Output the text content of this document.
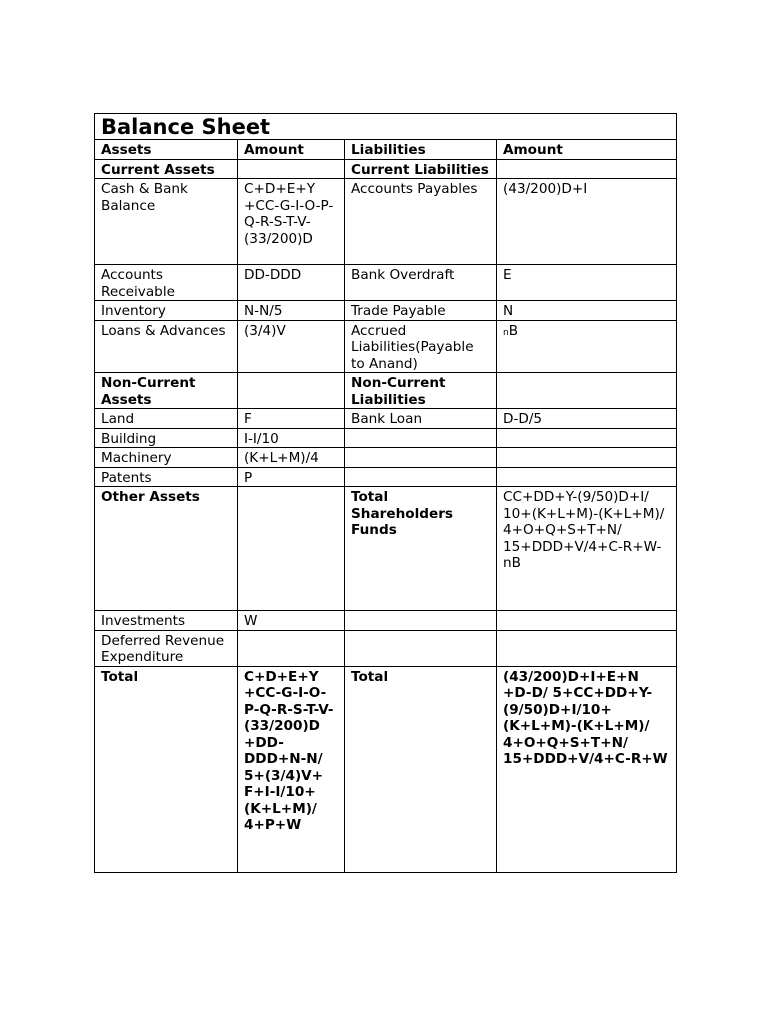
Balance Sheet			
Assets	Amount	Liabilities	Amount
Current Assets		Current Liabilities	
Cash & Bank Balance	C+D+E+Y +CC-G-I-O-P-Q-R-S-T-V-(33/200)D	Accounts Payables	(43/200)D+I
Accounts Receivable	DD-DDD	Bank Overdraft	E
Inventory	N-N/5	Trade Payable	N
Loans & Advances	(3/4)V	Accrued Liabilities(Payable to Anand)	nB
Non-Current Assets		Non-Current Liabilities	
Land	F	Bank Loan	D-D/5
Building	I-I/10		
Machinery	(K+L+M)/4		
Patents	P		
Other Assets		Total Shareholders Funds	CC+DD+Y-(9/50)D+I/ 10+(K+L+M)-(K+L+M)/ 4+O+Q+S+T+N/ 15+DDD+V/4+C-R+W-nB
Investments	W		
Deferred Revenue Expenditure			
Total	C+D+E+Y +CC-G-I-O-P-Q-R-S-T-V-(33/200)D +DD-DDD+N-N/ 5+(3/4)V+ F+I-I/10+ (K+L+M)/ 4+P+W	Total	(43/200)D+I+E+N +D-D/ 5+CC+DD+Y-(9/50)D+I/10+ (K+L+M)-(K+L+M)/ 4+O+Q+S+T+N/ 15+DDD+V/4+C-R+W
